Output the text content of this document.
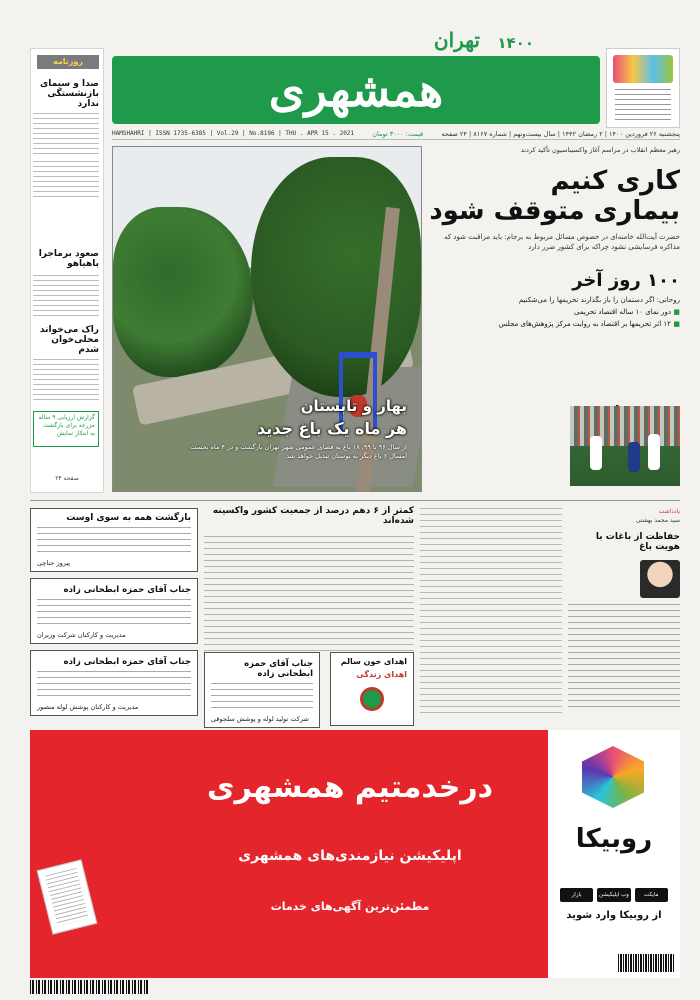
تهران ۱۴۰۰
همشهری
پنجشنبه ۲۶ فروردین ۱۴۰۰ | ۲ رمضان ۱۴۴۲ | سال بیست‌ونهم | شماره ۸۱۶۷ | ۲۴ صفحه
قیمت: ۳۰۰۰ تومان
HAMSHAHRI | ISSN 1735-6385 | Vol.29 | No.8196 | THU . APR 15 . 2021
روزنامه
صدا و سیمای بازنشستگی ندارد
صعود برماجرا باهیاهو
راک می‌خواند محلی‌خوان شدم
گزارش ارزیابی ۹ ساله مزرعه برای بازگشت به ابتکار نمایش
صفحه ۲۴
بهار و تابستان
هر ماه یک باغ جدید
از سال ۹۶ تا ۹۹، ۱۸ باغ به فضای عمومی شهر تهران بازگشت و در ۴ ماه نخست امسال ۶ باغ دیگر به بوستان تبدیل خواهد شد
رهبر معظم انقلاب در مراسم آغاز واکسیناسیون تأکید کردند
کاری کنیم
بیماری متوقف شود
حضرت آیت‌الله خامنه‌ای در خصوص مسائل مربوط به برجام: باید مراقبت شود که مذاکره فرسایشی نشود چراکه برای کشور ضرر دارد
۱۰۰ روز آخر
روحانی: اگر دستمان را باز بگذارند تحریمها را می‌شکنیم
■ دور نمای ۱۰ ساله اقتصاد تحریمی
■ ۱۲ اثر تحریمها بر اقتصاد به روایت مرکز پژوهش‌های مجلس
یادداشت
سید محمد بهشتی
حفاظت از باغات با هویت باغ
کمتر از ۶ دهم درصد از جمعیت کشور واکسینه شده‌اند
بازگشت همه به سوی اوست
پیروز حناچی
جناب آقای حمزه ابطحانی زاده
مدیریت و کارکنان شرکت وزیران
جناب آقای حمزه ابطحانی زاده
مدیریت و کارکنان پوشش لوله منصور
جناب آقای حمزه ابطحانی زاده
شرکت تولید لوله و پوشش سلجوقی
اهدای خون سالم
اهدای زندگی
درخدمتیم همشهری
اپلیکیشن نیازمندی‌های همشهری
مطمئن‌ترین آگهی‌های خدمات
روبیکا
مایکت
وب اپلیکیشن
بازار
از روبیکا وارد شوید
